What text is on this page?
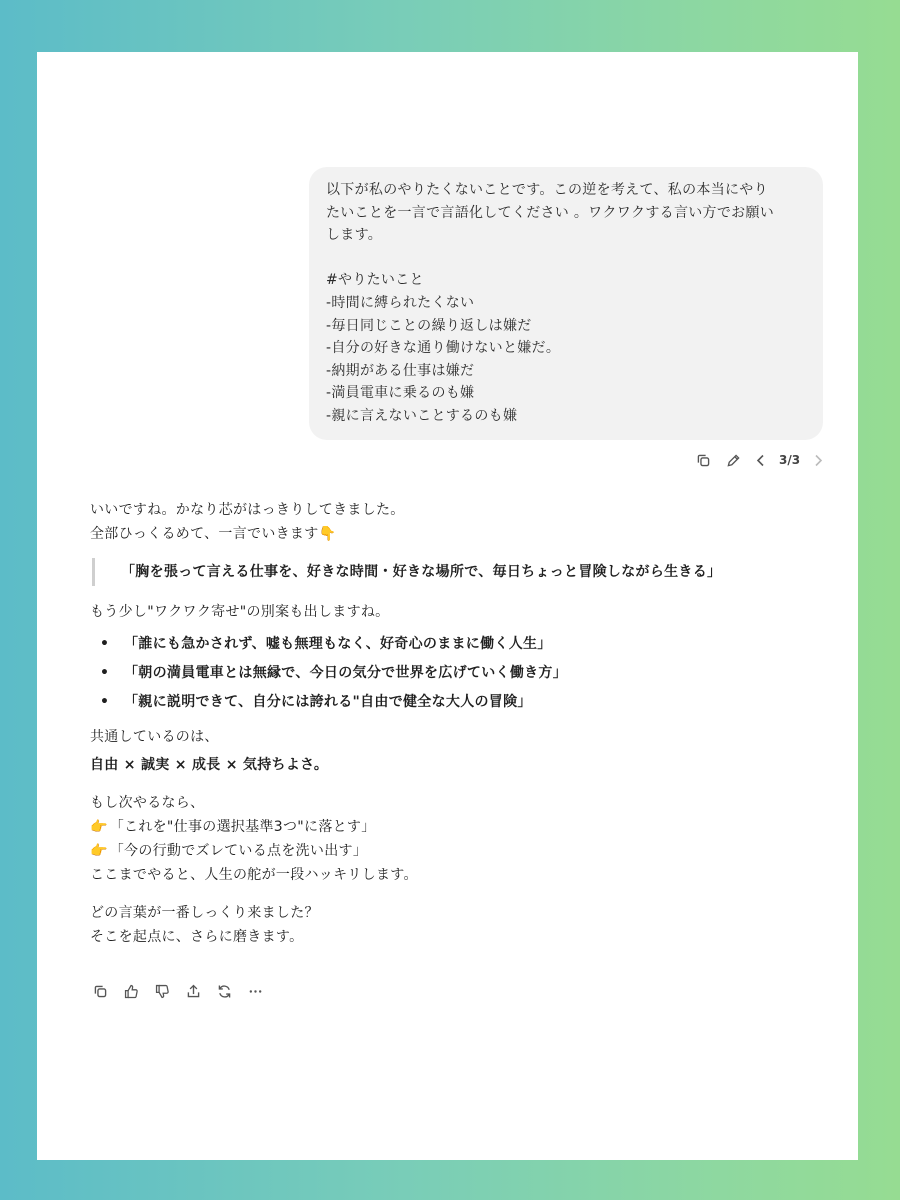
以下が私のやりたくないことです。この逆を考えて、私の本当にやり
たいことを一言で言語化してください 。ワクワクする言い方でお願い
します。
#やりたいこと
-時間に縛られたくない
-毎日同じことの繰り返しは嫌だ
-自分の好きな通り働けないと嫌だ。
-納期がある仕事は嫌だ
-満員電車に乗るのも嫌
-親に言えないことするのも嫌
3/3

いいですね。かなり芯がはっきりしてきました。

全部ひっくるめて、一言でいきます👇

「胸を張って言える仕事を、好きな時間・好きな場所で、毎日ちょっと冒険しながら生きる」

もう少し"ワクワク寄せ"の別案も出しますね。

• 「誰にも急かされず、嘘も無理もなく、好奇心のままに働く人生」
• 「朝の満員電車とは無縁で、今日の気分で世界を広げていく働き方」
• 「親に説明できて、自分には誇れる"自由で健全な大人の冒険」

共通しているのは、

自由 × 誠実 × 成長 × 気持ちよさ。

もし次やるなら、

👉 「これを"仕事の選択基準3つ"に落とす」

👉 「今の行動でズレている点を洗い出す」

ここまでやると、人生の舵が一段ハッキリします。

どの言葉が一番しっくり来ました？

そこを起点に、さらに磨きます。
